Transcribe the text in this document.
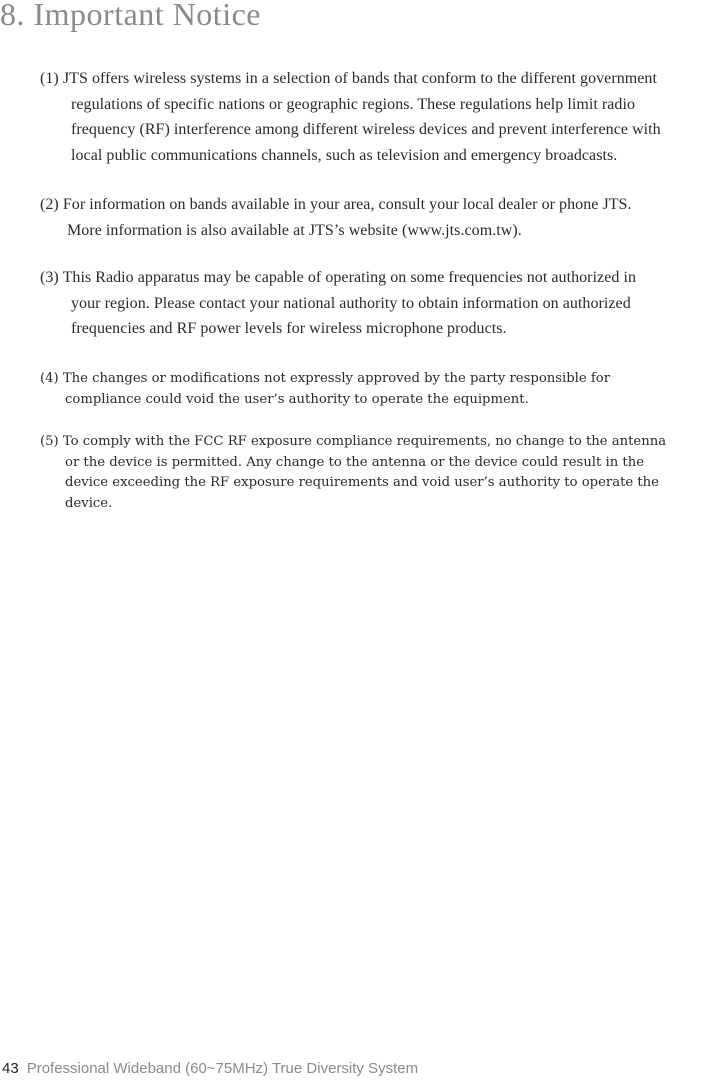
8. Important Notice

(1) JTS offers wireless systems in a selection of bands that conform to the different government
regulations of specific nations or geographic regions. These regulations help limit radio
frequency (RF) interference among different wireless devices and prevent interference with
local public communications channels, such as television and emergency broadcasts.

(2) For information on bands available in your area, consult your local dealer or phone JTS.
More information is also available at JTS’s website (www.jts.com.tw).

(3) This Radio apparatus may be capable of operating on some frequencies not authorized in
your region. Please contact your national authority to obtain information on authorized
frequencies and RF power levels for wireless microphone products.

(4) The changes or modifications not expressly approved by the party responsible for
compliance could void the user’s authority to operate the equipment.

(5) To comply with the FCC RF exposure compliance requirements, no change to the antenna
or the device is permitted. Any change to the antenna or the device could result in the
device exceeding the RF exposure requirements and void user’s authority to operate the
device.

43 Professional Wideband (60~75MHz) True Diversity System
